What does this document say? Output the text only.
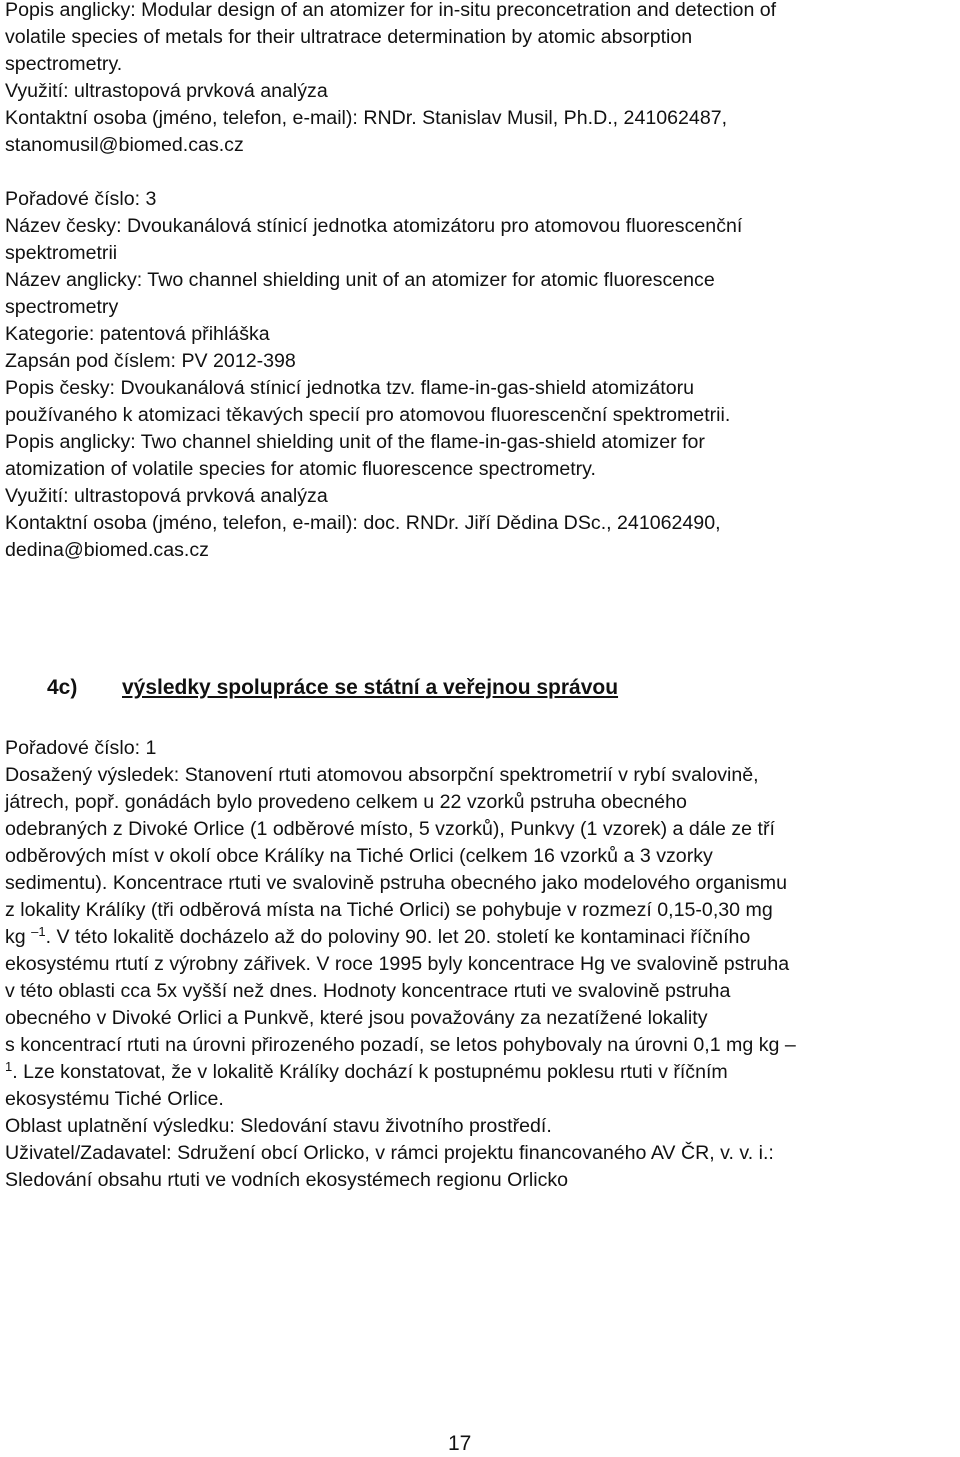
Popis anglicky: Modular design of an atomizer for in-situ preconcetration and detection of
volatile species of metals for their ultratrace determination by atomic absorption
spectrometry.
Využití: ultrastopová prvková analýza
Kontaktní osoba (jméno, telefon, e-mail): RNDr. Stanislav Musil, Ph.D., 241062487,
stanomusil@biomed.cas.cz
Pořadové číslo: 3
Název česky: Dvoukanálová stínicí jednotka atomizátoru pro atomovou fluorescenční
spektrometrii
Název anglicky: Two channel shielding unit of an atomizer for atomic fluorescence
spectrometry
Kategorie: patentová přihláška
Zapsán pod číslem: PV 2012-398
Popis česky: Dvoukanálová stínicí jednotka tzv. flame-in-gas-shield atomizátoru
používaného k atomizaci těkavých specií pro atomovou fluorescenční spektrometrii.
Popis anglicky: Two channel shielding unit of the flame-in-gas-shield atomizer for
atomization of volatile species for atomic fluorescence spectrometry.
Využití: ultrastopová prvková analýza
Kontaktní osoba (jméno, telefon, e-mail): doc. RNDr. Jiří Dědina DSc., 241062490,
dedina@biomed.cas.cz
4c) výsledky spolupráce se státní a veřejnou správou
Pořadové číslo: 1
Dosažený výsledek: Stanovení rtuti atomovou absorpční spektrometrií v rybí svalovině,
játrech, popř. gonádách bylo provedeno celkem u 22 vzorků pstruha obecného
odebraných z Divoké Orlice (1 odběrové místo, 5 vzorků), Punkvy (1 vzorek) a dále ze tří
odběrových míst v okolí obce Králíky na Tiché Orlici (celkem 16 vzorků a 3 vzorky
sedimentu). Koncentrace rtuti ve svalovině pstruha obecného jako modelového organismu
z lokality Králíky (tři odběrová místa na Tiché Orlici) se pohybuje v rozmezí 0,15-0,30 mg
kg $^{-1}$. V této lokalitě docházelo až do poloviny 90. let 20. století ke kontaminaci říčního
ekosystému rtutí z výrobny zářivek. V roce 1995 byly koncentrace Hg ve svalovině pstruha
v této oblasti cca 5x vyšší než dnes. Hodnoty koncentrace rtuti ve svalovině pstruha
obecného v Divoké Orlici a Punkvě, které jsou považovány za nezatížené lokality
s koncentrací rtuti na úrovni přirozeného pozadí, se letos pohybovaly na úrovni 0,1 mg kg –
$^1$. Lze konstatovat, že v lokalitě Králíky dochází k postupnému poklesu rtuti v říčním
ekosystému Tiché Orlice.
Oblast uplatnění výsledku: Sledování stavu životního prostředí.
Uživatel/Zadavatel: Sdružení obcí Orlicko, v rámci projektu financovaného AV ČR, v. v. i.:
Sledování obsahu rtuti ve vodních ekosystémech regionu Orlicko
17
